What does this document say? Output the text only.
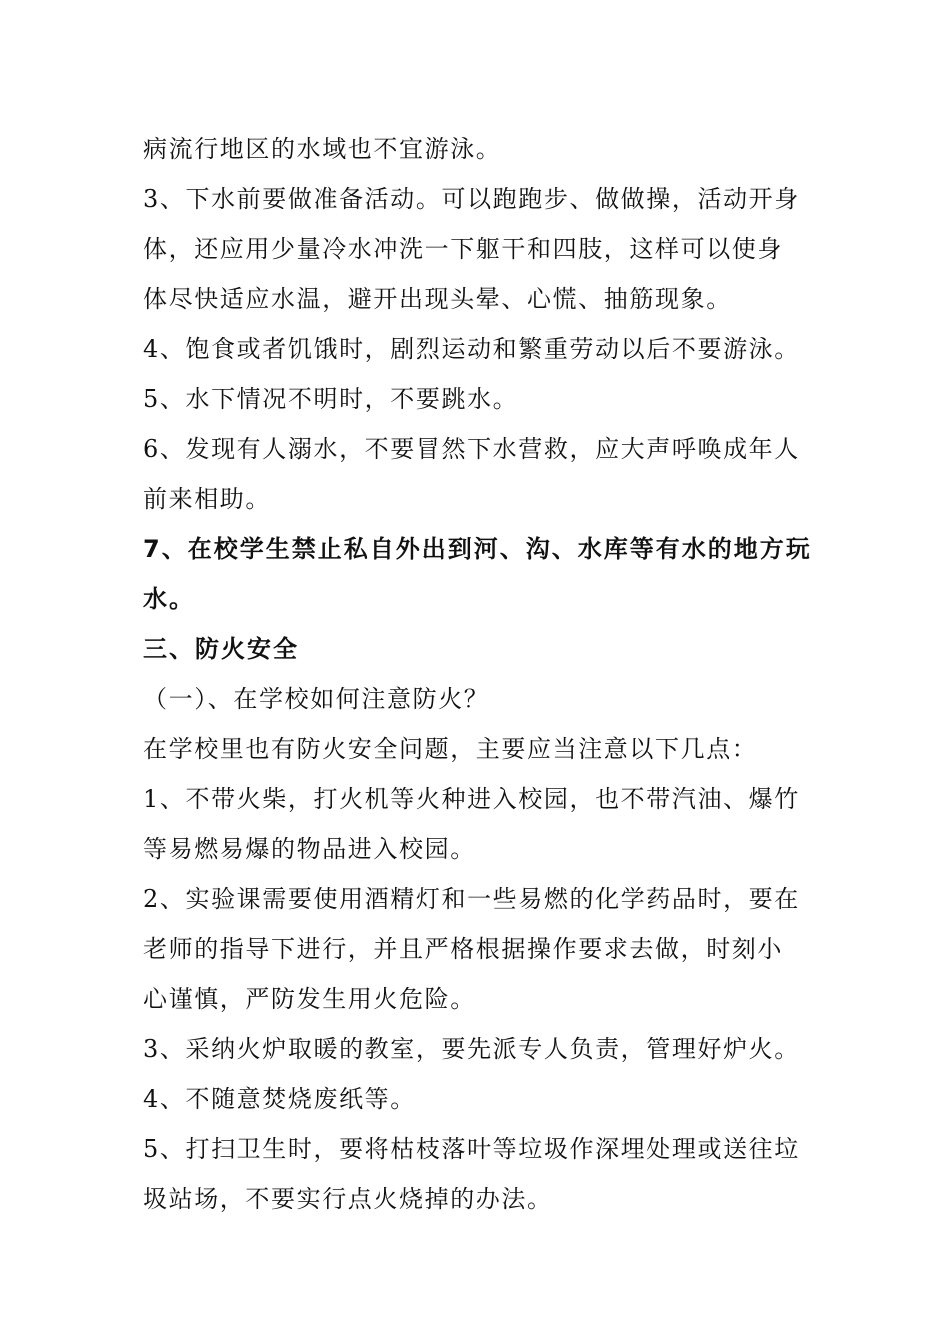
病流行地区的水域也不宜游泳。
3、下水前要做准备活动。可以跑跑步、做做操，活动开身
体，还应用少量冷水冲洗一下躯干和四肢，这样可以使身
体尽快适应水温，避开出现头晕、心慌、抽筋现象。
4、饱食或者饥饿时，剧烈运动和繁重劳动以后不要游泳。
5、水下情况不明时，不要跳水。
6、发现有人溺水，不要冒然下水营救，应大声呼唤成年人
前来相助。
7、在校学生禁止私自外出到河、沟、水库等有水的地方玩
水。
三、防火安全
（一）、在学校如何注意防火？
在学校里也有防火安全问题，主要应当注意以下几点：
1、不带火柴，打火机等火种进入校园，也不带汽油、爆竹
等易燃易爆的物品进入校园。
2、实验课需要使用酒精灯和一些易燃的化学药品时，要在
老师的指导下进行，并且严格根据操作要求去做，时刻小
心谨慎，严防发生用火危险。
3、采纳火炉取暖的教室，要先派专人负责，管理好炉火。
4、不随意焚烧废纸等。
5、打扫卫生时，要将枯枝落叶等垃圾作深埋处理或送往垃
圾站场，不要实行点火烧掉的办法。
